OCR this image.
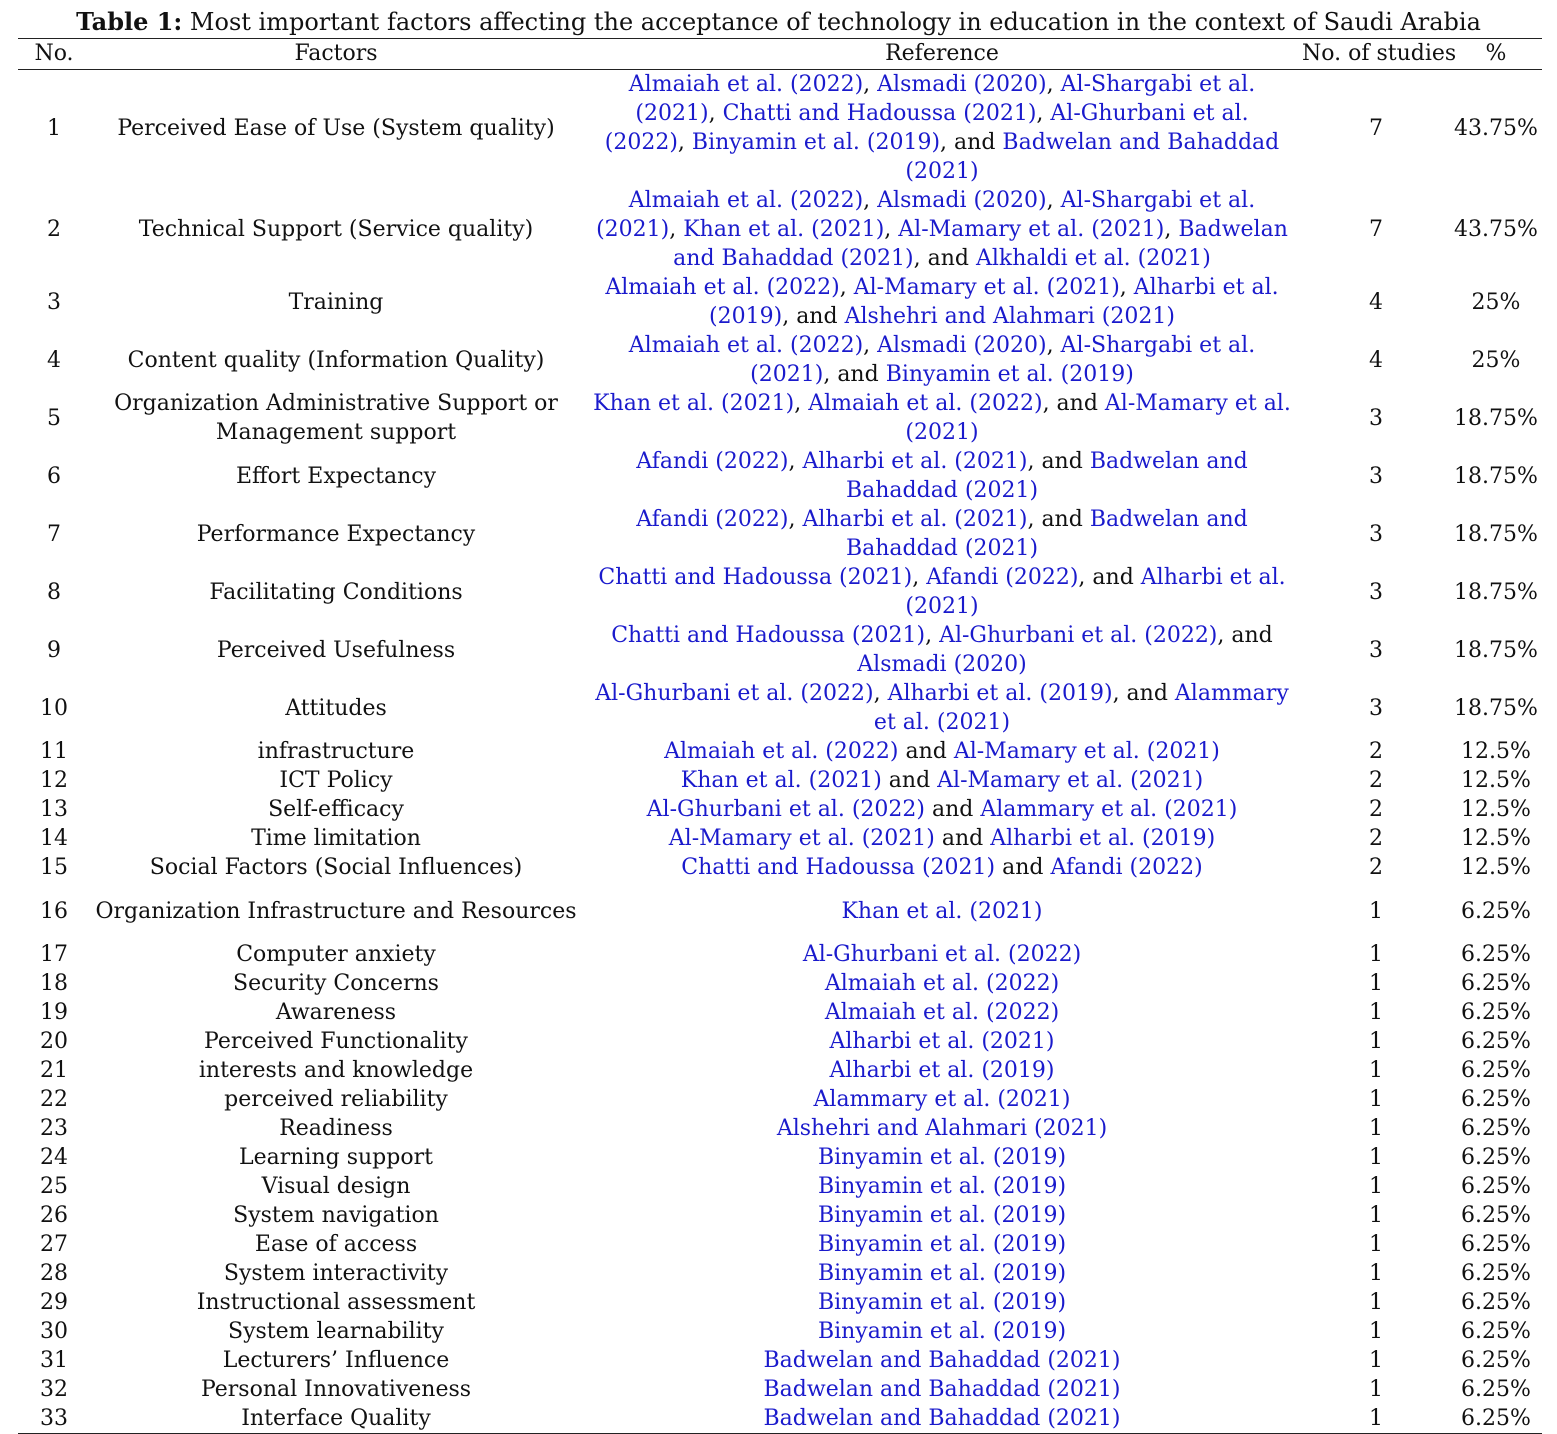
Table 1: Most important factors affecting the acceptance of technology in education in the context of Saudi Arabia
No.	Factors	Reference	No. of studies	%
1	Perceived Ease of Use (System quality)	Almaiah et al. (2022), Alsmadi (2020), Al-Shargabi et al. (2021), Chatti and Hadoussa (2021), Al-Ghurbani et al. (2022), Binyamin et al. (2019), and Badwelan and Bahaddad (2021)	7	43.75%
2	Technical Support (Service quality)	Almaiah et al. (2022), Alsmadi (2020), Al-Shargabi et al. (2021), Khan et al. (2021), Al-Mamary et al. (2021), Badwelan and Bahaddad (2021), and Alkhaldi et al. (2021)	7	43.75%
3	Training	Almaiah et al. (2022), Al-Mamary et al. (2021), Alharbi et al. (2019), and Alshehri and Alahmari (2021)	4	25%
4	Content quality (Information Quality)	Almaiah et al. (2022), Alsmadi (2020), Al-Shargabi et al. (2021), and Binyamin et al. (2019)	4	25%
5	Organization Administrative Support or Management support	Khan et al. (2021), Almaiah et al. (2022), and Al-Mamary et al. (2021)	3	18.75%
6	Effort Expectancy	Afandi (2022), Alharbi et al. (2021), and Badwelan and Bahaddad (2021)	3	18.75%
7	Performance Expectancy	Afandi (2022), Alharbi et al. (2021), and Badwelan and Bahaddad (2021)	3	18.75%
8	Facilitating Conditions	Chatti and Hadoussa (2021), Afandi (2022), and Alharbi et al. (2021)	3	18.75%
9	Perceived Usefulness	Chatti and Hadoussa (2021), Al-Ghurbani et al. (2022), and Alsmadi (2020)	3	18.75%
10	Attitudes	Al-Ghurbani et al. (2022), Alharbi et al. (2019), and Alammary et al. (2021)	3	18.75%
11	infrastructure	Almaiah et al. (2022) and Al-Mamary et al. (2021)	2	12.5%
12	ICT Policy	Khan et al. (2021) and Al-Mamary et al. (2021)	2	12.5%
13	Self-efficacy	Al-Ghurbani et al. (2022) and Alammary et al. (2021)	2	12.5%
14	Time limitation	Al-Mamary et al. (2021) and Alharbi et al. (2019)	2	12.5%
15	Social Factors (Social Influences)	Chatti and Hadoussa (2021) and Afandi (2022)	2	12.5%
16	Organization Infrastructure and Resources	Khan et al. (2021)	1	6.25%
17	Computer anxiety	Al-Ghurbani et al. (2022)	1	6.25%
18	Security Concerns	Almaiah et al. (2022)	1	6.25%
19	Awareness	Almaiah et al. (2022)	1	6.25%
20	Perceived Functionality	Alharbi et al. (2021)	1	6.25%
21	interests and knowledge	Alharbi et al. (2019)	1	6.25%
22	perceived reliability	Alammary et al. (2021)	1	6.25%
23	Readiness	Alshehri and Alahmari (2021)	1	6.25%
24	Learning support	Binyamin et al. (2019)	1	6.25%
25	Visual design	Binyamin et al. (2019)	1	6.25%
26	System navigation	Binyamin et al. (2019)	1	6.25%
27	Ease of access	Binyamin et al. (2019)	1	6.25%
28	System interactivity	Binyamin et al. (2019)	1	6.25%
29	Instructional assessment	Binyamin et al. (2019)	1	6.25%
30	System learnability	Binyamin et al. (2019)	1	6.25%
31	Lecturers’ Influence	Badwelan and Bahaddad (2021)	1	6.25%
32	Personal Innovativeness	Badwelan and Bahaddad (2021)	1	6.25%
33	Interface Quality	Badwelan and Bahaddad (2021)	1	6.25%
